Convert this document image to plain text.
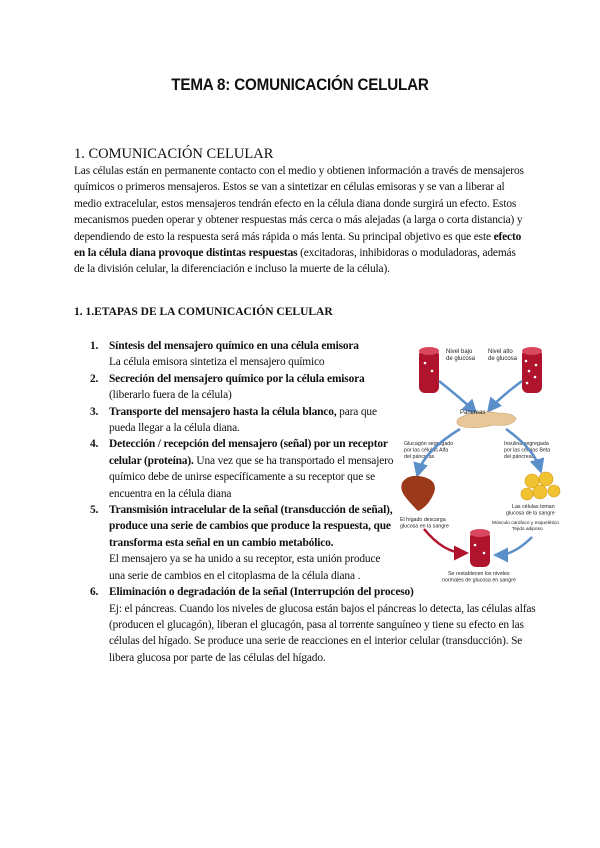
TEMA 8: COMUNICACIÓN CELULAR
1. COMUNICACIÓN CELULAR

Las células están en permanente contacto con el medio y obtienen información a través de mensajeros químicos o primeros mensajeros. Estos se van a sintetizar en células emisoras y se van a liberar al medio extracelular, estos mensajeros tendrán efecto en la célula diana donde surgirá un efecto. Estos mecanismos pueden operar y obtener respuestas más cerca o más alejadas (a larga o corta distancia) y dependiendo de esto la respuesta será más rápida o más lenta. Su principal objetivo es que este efecto en la célula diana provoque distintas respuestas (excitadoras, inhibidoras o moduladoras, además de la división celular, la diferenciación e incluso la muerte de la célula).

1. 1.ETAPAS DE LA COMUNICACIÓN CELULAR
1. Síntesis del mensajero químico en una célula emisora
La célula emisora sintetiza el mensajero químico
2. Secreción del mensajero químico por la célula emisora
(liberarlo fuera de la célula)
3. Transporte del mensajero hasta la célula blanco, para que pueda llegar a la célula diana.
4. Detección / recepción del mensajero (señal) por un receptor celular (proteína). Una vez que se ha transportado el mensajero químico debe de unirse específicamente a su receptor que se encuentra en la célula diana
5. Transmisión intracelular de la señal (transducción de señal), produce una serie de cambios que produce la respuesta, que transforma esta señal en un cambio metabólico.
El mensajero ya se ha unido a su receptor, esta unión produce una serie de cambios en el citoplasma de la célula diana .
6. Eliminación o degradación de la señal (Interrupción del proceso)
Ej: el páncreas. Cuando los niveles de glucosa están bajos el páncreas lo detecta, las células alfas (producen el glucagón), liberan el glucagón, pasa al torrente sanguíneo y tiene su efecto en las células del hígado. Se produce una serie de reacciones en el interior celular (transducción). Se libera glucosa por parte de las células del hígado.
Nivel bajo de glucosa
Nivel alto de glucosa
Páncreas
Glucagón segregado por las células Alfa del páncreas
Insulina segregada por las células Beta del páncreas
El hígado descarga glucosa en la sangre
Las células toman glucosa de la sangre
Músculo cardíaco y esquelético Tejido adiposo
Se restablecen los niveles normales de glucosa en sangre
